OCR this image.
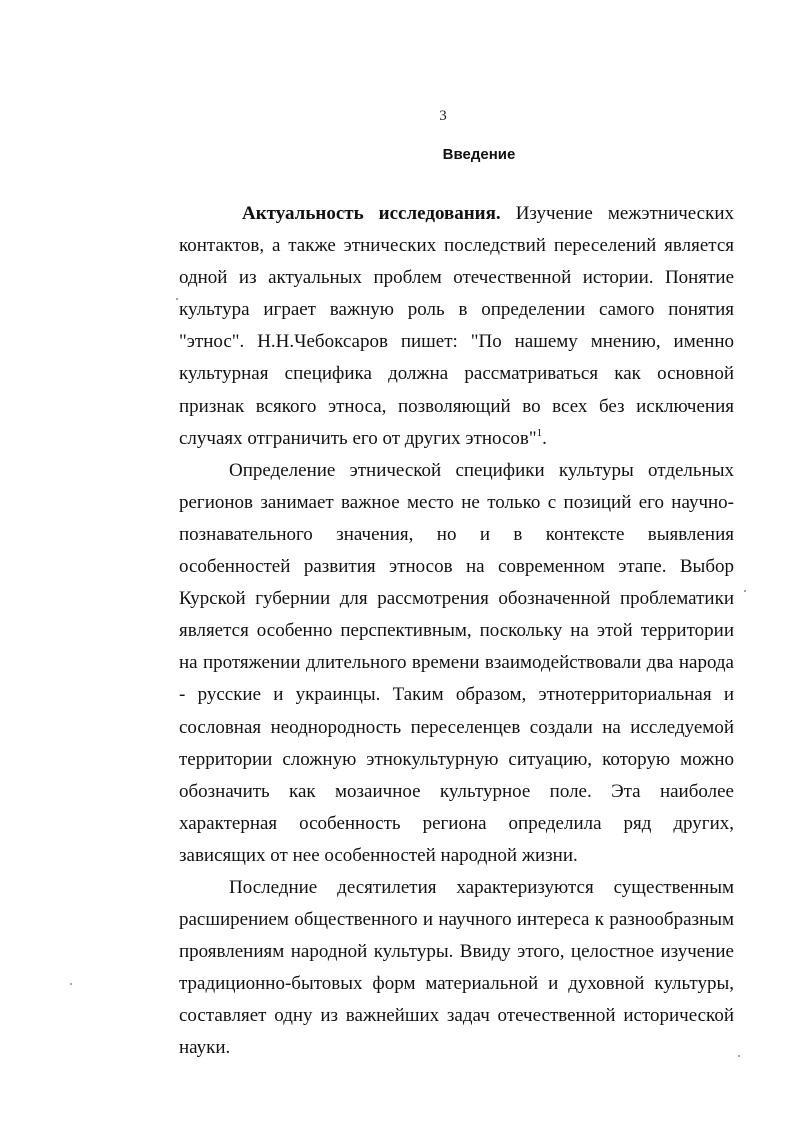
3
Введение

Актуальность исследования. Изучение межэтнических контактов, а также этнических последствий переселений является одной из актуальных проблем отечественной истории. Понятие культура играет важную роль в определении самого понятия "этнос". Н.Н.Чебоксаров пишет: "По нашему мнению, именно культурная специфика должна рассматриваться как основной признак всякого этноса, позволяющий во всех без исключения случаях отграничить его от других этносов"$^1$.

Определение этнической специфики культуры отдельных регионов занимает важное место не только с позиций его научно-познавательного значения, но и в контексте выявления особенностей развития этносов на современном этапе. Выбор Курской губернии для рассмотрения обозначенной проблематики является особенно перспективным, поскольку на этой территории на протяжении длительного времени взаимодействовали два народа - русские и украинцы. Таким образом, этнотерриториальная и сословная неоднородность переселенцев создали на исследуемой территории сложную этнокультурную ситуацию, которую можно обозначить как мозаичное культурное поле. Эта наиболее характерная особенность региона определила ряд других, зависящих от нее особенностей народной жизни.

Последние десятилетия характеризуются существенным расширением общественного и научного интереса к разнообразным проявлениям народной культуры. Ввиду этого, целостное изучение традиционно-бытовых форм материальной и духовной культуры, составляет одну из важнейших задач отечественной исторической науки.
